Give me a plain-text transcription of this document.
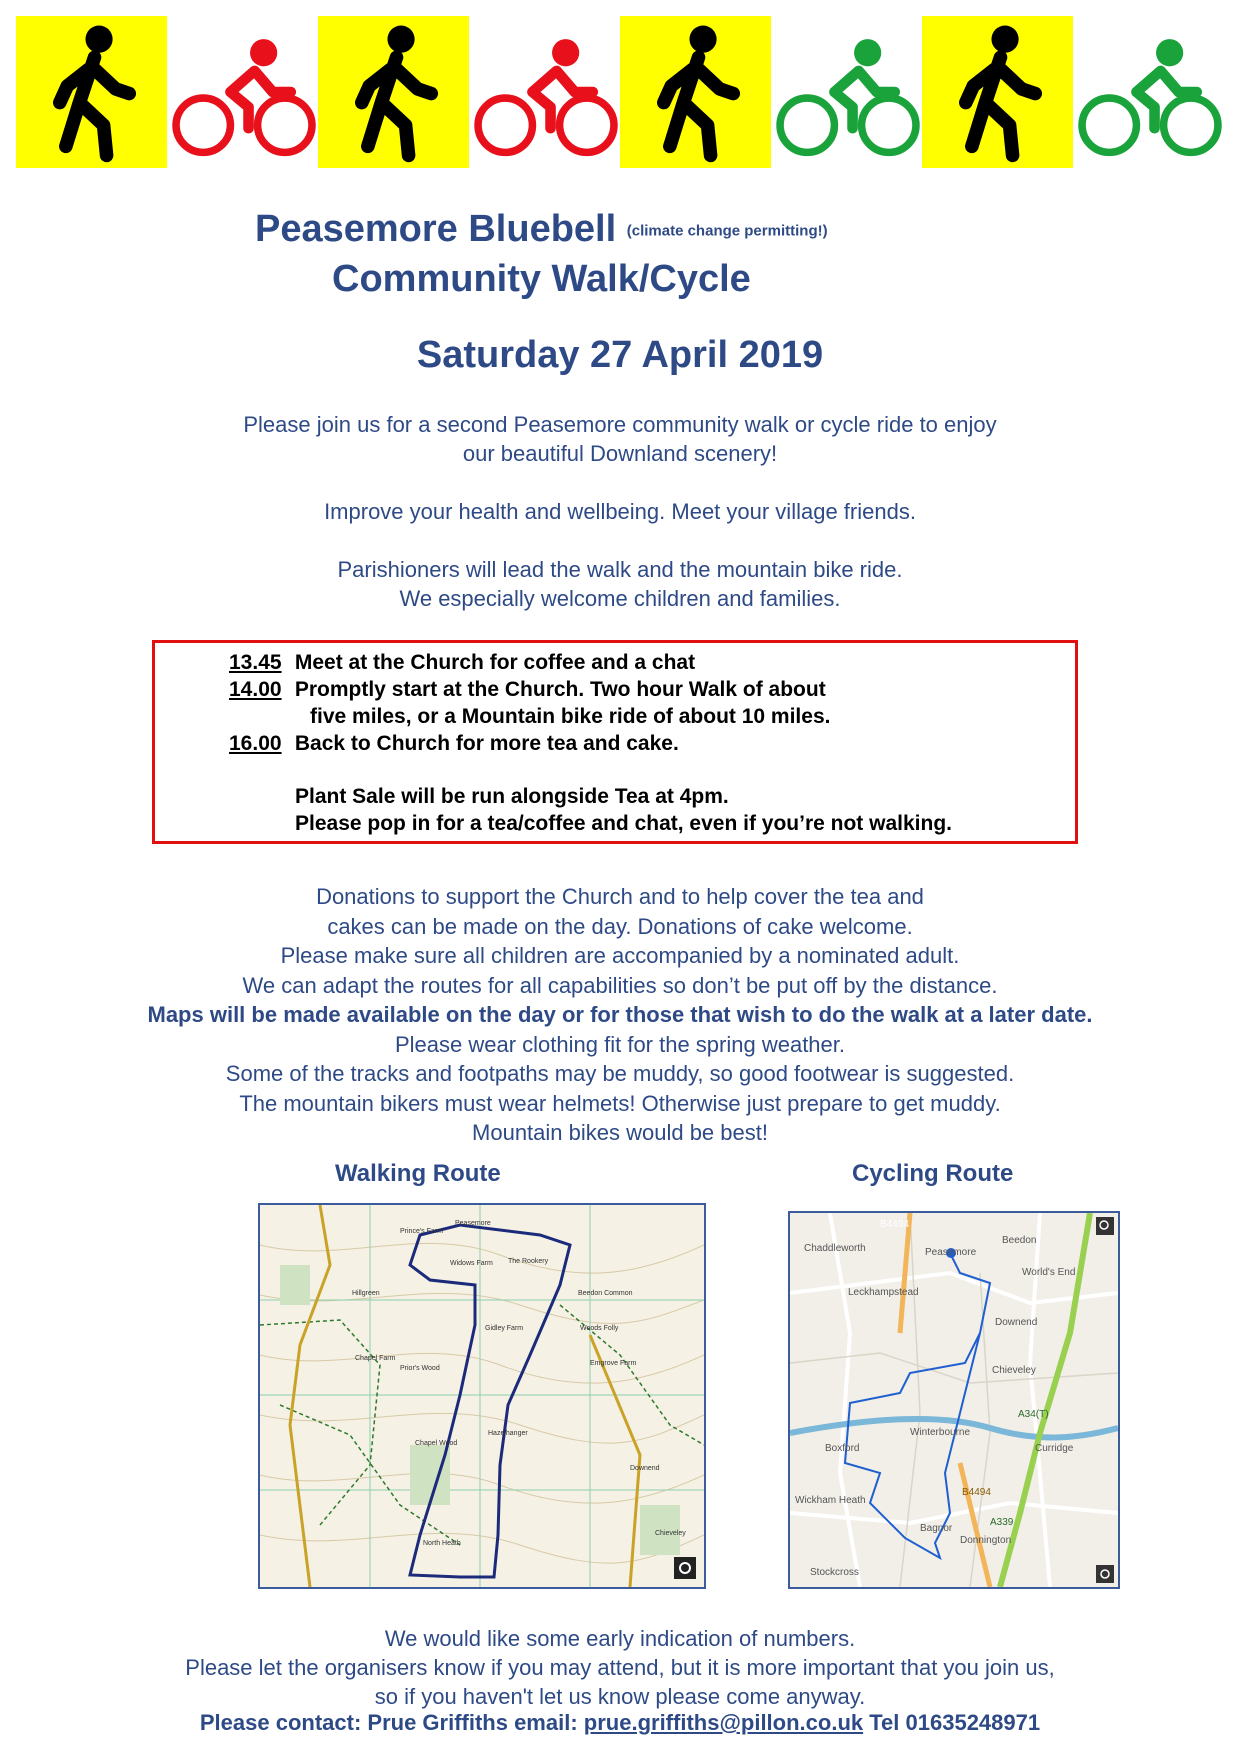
Peasemore Bluebell (climate change permitting!)
Community Walk/Cycle
Saturday 27 April 2019
Please join us for a second Peasemore community walk or cycle ride to enjoy
our beautiful Downland scenery!
Improve your health and wellbeing. Meet your village friends.
Parishioners will lead the walk and the mountain bike ride.
We especially welcome children and families.
13.45 Meet at the Church for coffee and a chat
14.00 Promptly start at the Church. Two hour Walk of about
five miles, or a Mountain bike ride of about 10 miles.
16.00 Back to Church for more tea and cake.
Plant Sale will be run alongside Tea at 4pm.
Please pop in for a tea/coffee and chat, even if you’re not walking.
Donations to support the Church and to help cover the tea and
cakes can be made on the day. Donations of cake welcome.
Please make sure all children are accompanied by a nominated adult.
We can adapt the routes for all capabilities so don’t be put off by the distance.
Maps will be made available on the day or for those that wish to do the walk at a later date.
Please wear clothing fit for the spring weather.
Some of the tracks and footpaths may be muddy, so good footwear is suggested.
The mountain bikers must wear helmets! Otherwise just prepare to get muddy.
Mountain bikes would be best!
Walking Route	Cycling Route
Peasemore
Prince's Farm
Widows Farm The Rookery
Hillgreen
Chapel Farm
Prior's Wood
Gidley Farm
Beedon Common
Woods Folly
Emgrove Farm
Chapel Wood
North Heath
Downend
Chieveley
Hazelhanger
B4494
Chaddleworth	Peasemore
Beedon
World's End
Leckhampstead
Downend
Chieveley
A34(T)
Winterbourne
Boxford	Curridge
Wickham Heath
B4494
Bagnor
A339
Donnington
Stockcross
We would like some early indication of numbers.
Please let the organisers know if you may attend, but it is more important that you join us,
so if you haven't let us know please come anyway.
Please contact: Prue Griffiths email: prue.griffiths@pillon.co.uk Tel 01635248971
